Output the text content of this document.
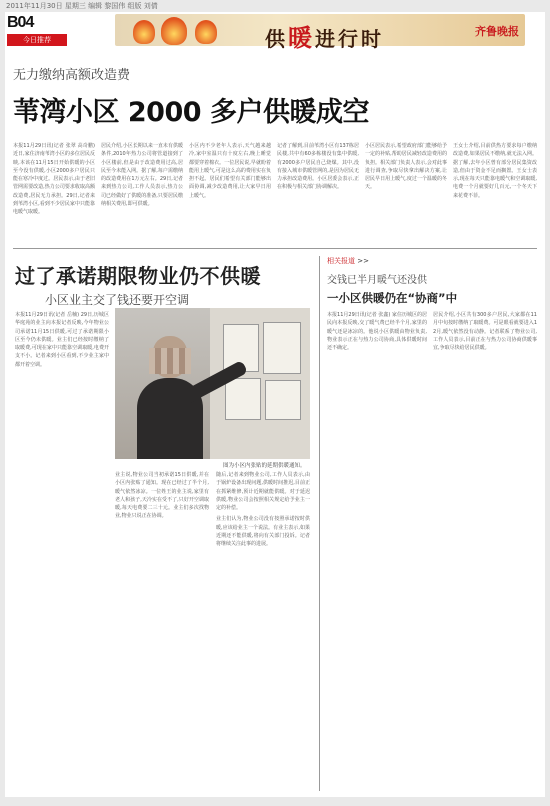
2011年11月30日 星期三 编辑 黎国伟 组版 刘倩
B04
今日推荐	供暖进行时	齐鲁晚报
无力缴纳高额改造费
苇湾小区 2000 多户供暖成空
本报11月29日讯(记者 张翠 高奇鹏) 近日,家住济南苇湾小区的多位居民反映,本该在11月15日开始供暖的小区至今没有供暖,小区2000多户居民只能在寒冷中度过。居民表示,由于老旧管网需要改造,热力公司要求收取高额改造费,居民无力承担。29日,记者来到苇湾小区,看到不少居民家中只能靠电暖气取暖。
居民介绍,小区长期以来一直未有供暖条件,2010年热力公司将管道接到了小区楼前,但是由于改造费用过高,居民至今未能入网。据了解,每户需缴纳的改造费用在1万元左右。29日,记者来到热力公司,工作人员表示,热力公司已经做好了供暖的准备,只要居民缴纳相关费用,即可供暖。
小区内不少老年人表示,天气越来越冷,家中室温只有十度左右,晚上睡觉都要穿着棉衣。一位居民说,早就盼着能用上暖气,可是这么高的费用实在负担不起。居民们希望有关部门能够出面协调,减少改造费用,让大家早日用上暖气。
记者了解到,目前苇湾小区有137栋居民楼,共中有60多栋楼没有集中供暖,有2000多户居民自己烧煤。其中,没有接入城市供暖管网的,是因为居民无力承担改造费用。小区居委会表示,正在积极与相关部门协调解决。
小区居民表示,希望政府部门能够给予一定的补贴,帮助居民减轻改造费用的负担。相关部门负责人表示,会对此事进行调查,争取尽快拿出解决方案,让居民早日用上暖气,度过一个温暖的冬天。
王女士介绍,目前供热方要求每户缴纳改造费,如果居民不缴纳,就无法入网。据了解,去年小区曾有部分居民集资改造,但由于资金不足而搁置。王女士表示,现在每天只能靠电暖气和空调取暖,电费一个月就要好几百元,一个冬天下来花费不菲。
过了承诺期限物业仍不供暖
小区业主交了钱还要开空调
本报11月29日讯(记者 岳楠) 29日,历城区华庭苑的业主向本报记者反映,今年物业公司承诺11月15日供暖,可过了承诺期限小区至今仍未供暖。业主们已经按时缴纳了取暖费,可现在家中只能靠空调取暖,电费开支不小。记者来到小区看到,不少业主家中都开着空调。
图为小区内张贴的延期供暖通知。
业主说,物业公司当初承诺15日供暖,并在小区内张贴了通知。现在已经过了半个月,暖气依然冰凉。一位姓王的业主说,家里有老人和孩子,天冷实在受不了,只好开空调取暖,每天电费要二三十元。业主们多次找物业,物业只说正在协调。
随后,记者来到物业公司,工作人员表示,由于锅炉设备出现问题,供暖时间推迟,目前正在抓紧维修,预计近期就能供暖。对于延迟供暖,物业公司会按照相关规定给予业主一定的补偿。
业主们认为,物业公司没有按照承诺按时供暖,应该给业主一个说法。有业主表示,如果近期还不能供暖,将向有关部门投诉。记者将继续关注此事的进展。
相关报道 >>
交钱已半月暖气还没供
一小区供暖仍在“协商”中
本报11月29日讯(记者 张鑫) 家住历城区的居民向本报反映,交了暖气费已经半个月,家里的暖气还是冰凉的。他说小区供暖由物业负责,物业表示正在与热力公司协商,具体供暖时间还不确定。
居民介绍,小区共有300多户居民,大家都在11月中旬按时缴纳了取暖费。可是眼看就要进入12月,暖气依然没有动静。记者联系了物业公司,工作人员表示,目前正在与热力公司协商供暖事宜,争取尽快给居民供暖。
